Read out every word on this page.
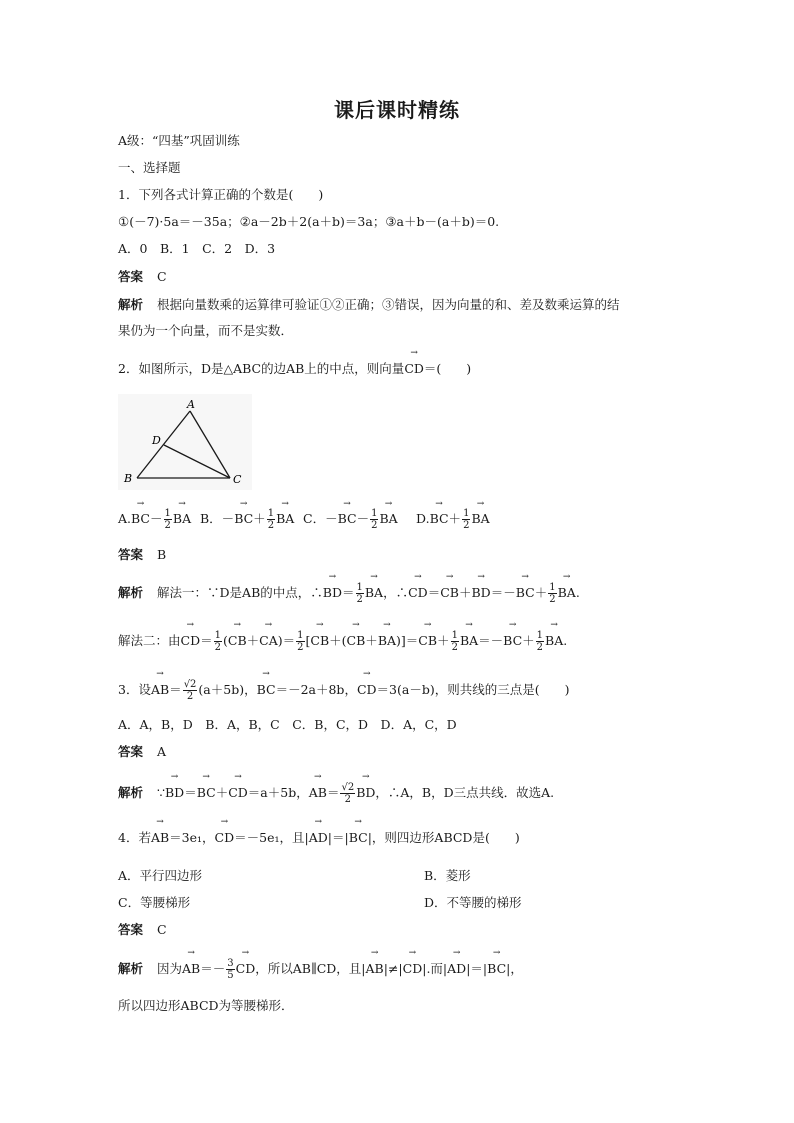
课后课时精练
A级：“四基”巩固训练
一、选择题
1．下列各式计算正确的个数是(　　)
①(－7)·5a＝－35a；②a－2b＋2(a＋b)＝3a；③a＋b－(a＋b)＝0.
A．0　B．1　C．2　D．3
答案 C
解析 根据向量数乘的运算律可验证①②正确；③错误，因为向量的和、差及数乘运算的结
果仍为一个向量，而不是实数．
2．如图所示，D是△ABC的边AB上的中点，则向量→ CD＝(　　)
A
B	C
D
$A.\to BC- \frac{1}{2}$
→ BA B．－→ $BC+ \frac{1}{2}$
→ BA C．－→ $BC- \frac{1}{2}$
→ BA $D.\to BC+ \frac{1}{2}$
→ BA
答案 B
解析 解法一：∵D是AB的中点，∴→ $BD= \frac{1}{2}$
→ BA，∴→ $CD=\to CB+\to BD=-\to BC+ \frac{1}{2}$
→ BA.
解法二：由→ $CD= \frac{1}{2}$ (→ $CB+\to CA)= \frac{1}{2}$ [→ $CB+(\to CB+\to BA)]=\to CB+ \frac{1}{2}$
→ $BA=-\to BC+ \frac{1}{2}$
→ BA.
3．设→ $AB= \frac{√2}{2} (a+5b)$，→ BC＝－2a＋8b，→ CD＝3(a－b)，则共线的三点是(　　)
A．A，B，D　B．A，B，C　C．B，C，D　D．A，C，D
答案 A
解析 ∵→ BD＝→ BC＋→ CD＝a＋5b，→ $AB= \frac{√2}{2}$
→ BD，∴A，B，D三点共线．故选A.
4．若→ AB＝3e₁，→ CD＝－5e₁，且|→ AD|＝|→ BC|，则四边形ABCD是(　　)
A．平行四边形	B．菱形
C．等腰梯形	D．不等腰的梯形
答案 C
解析 因为→ $AB=- \frac{3}{5}$
→ CD，所以AB∥CD，且|→ AB|≠|→ CD|.而|→ AD|＝|→ BC|，
所以四边形ABCD为等腰梯形．
